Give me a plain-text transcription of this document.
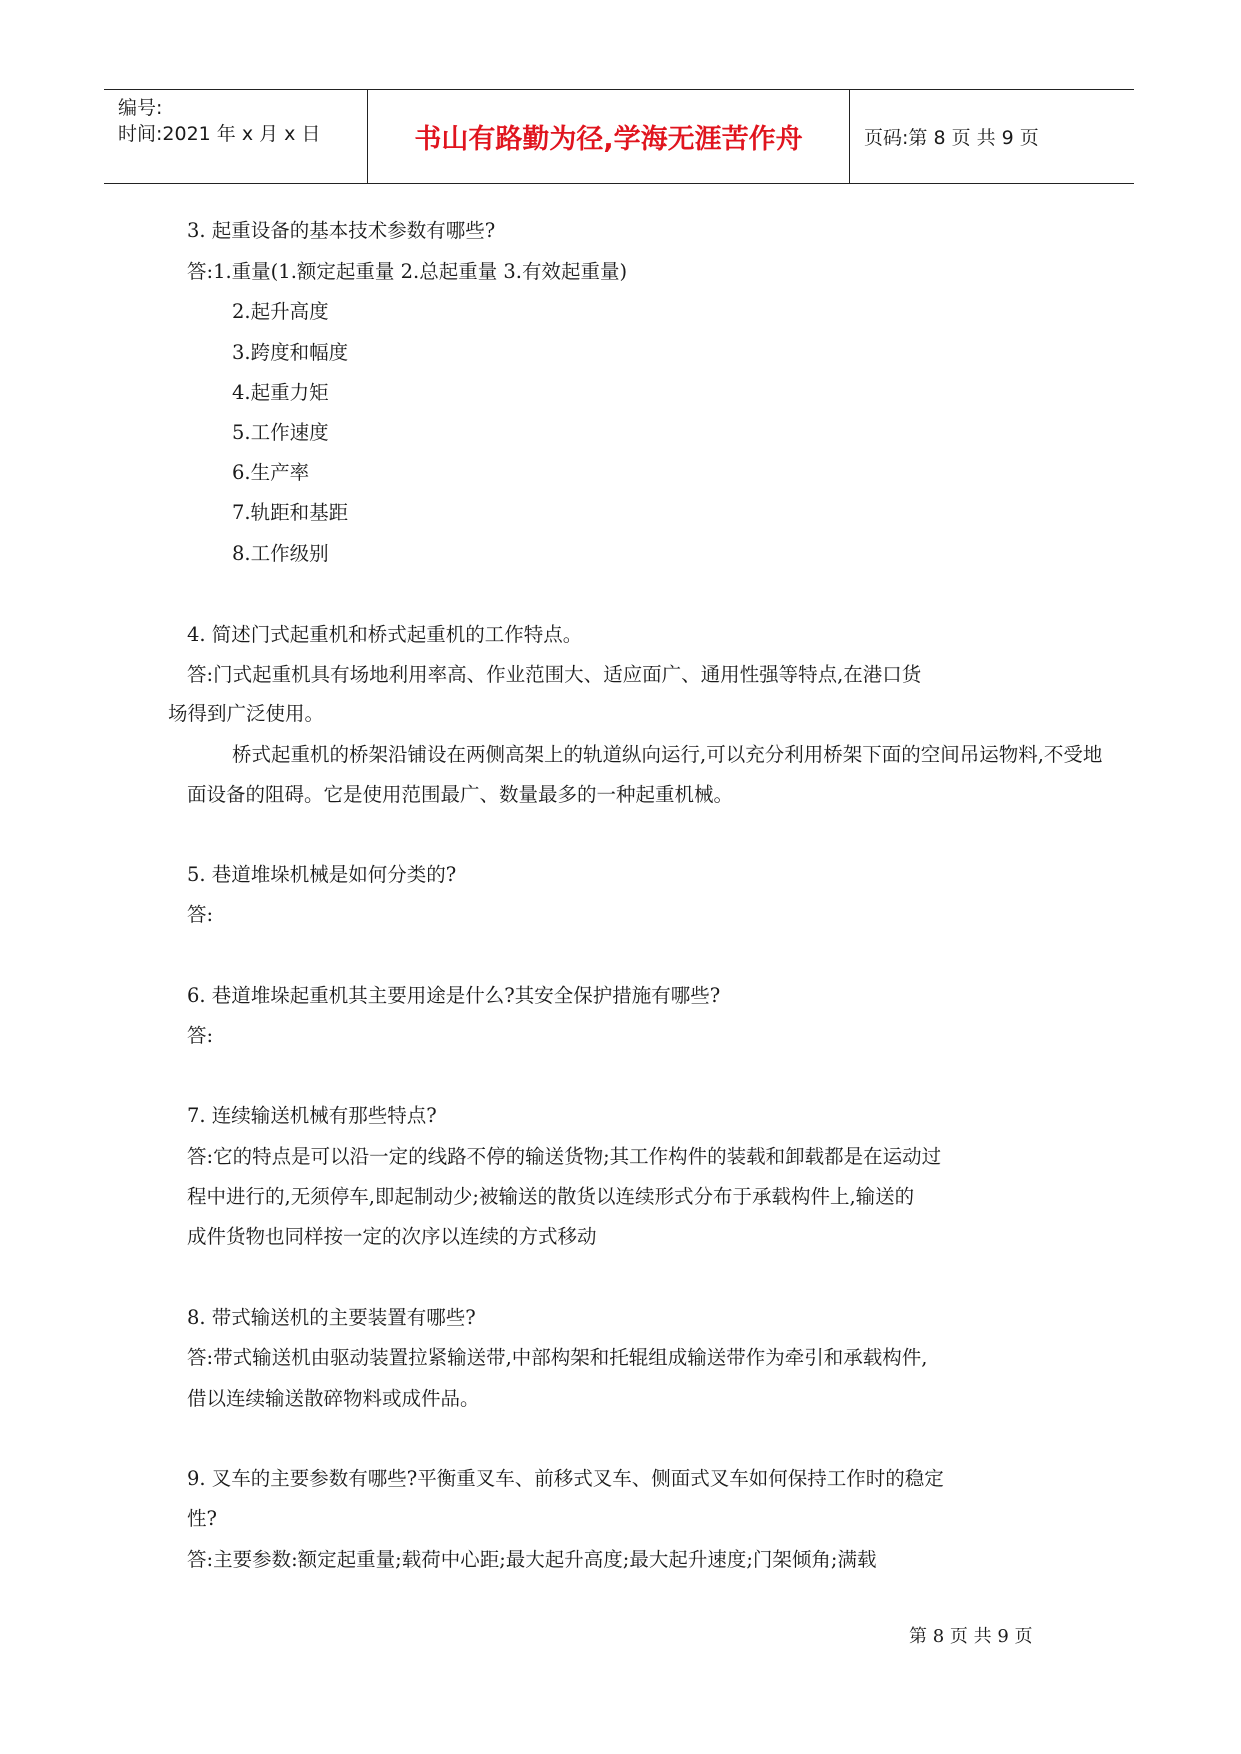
编号:
时间:2021 年 x 月 x 日	书山有路勤为径,学海无涯苦作舟	页码:第 8 页 共 9 页
3. 起重设备的基本技术参数有哪些?
答:1.重量(1.额定起重量 2.总起重量 3.有效起重量)
2.起升高度
3.跨度和幅度
4.起重力矩
5.工作速度
6.生产率
7.轨距和基距
8.工作级别
4. 简述门式起重机和桥式起重机的工作特点。
答:门式起重机具有场地利用率高、作业范围大、适应面广、通用性强等特点,在港口货
场得到广泛使用。
桥式起重机的桥架沿铺设在两侧高架上的轨道纵向运行,可以充分利用桥架下面的空间吊运物料,不受地
面设备的阻碍。它是使用范围最广、数量最多的一种起重机械。
5. 巷道堆垛机械是如何分类的?
答:
6. 巷道堆垛起重机其主要用途是什么?其安全保护措施有哪些?
答:
7. 连续输送机械有那些特点?
答:它的特点是可以沿一定的线路不停的输送货物;其工作构件的装载和卸载都是在运动过
程中进行的,无须停车,即起制动少;被输送的散货以连续形式分布于承载构件上,输送的
成件货物也同样按一定的次序以连续的方式移动
8. 带式输送机的主要装置有哪些?
答:带式输送机由驱动装置拉紧输送带,中部构架和托辊组成输送带作为牵引和承载构件,
借以连续输送散碎物料或成件品。
9. 叉车的主要参数有哪些?平衡重叉车、前移式叉车、侧面式叉车如何保持工作时的稳定
性?
答:主要参数:额定起重量;载荷中心距;最大起升高度;最大起升速度;门架倾角;满载
第 8 页 共 9 页
